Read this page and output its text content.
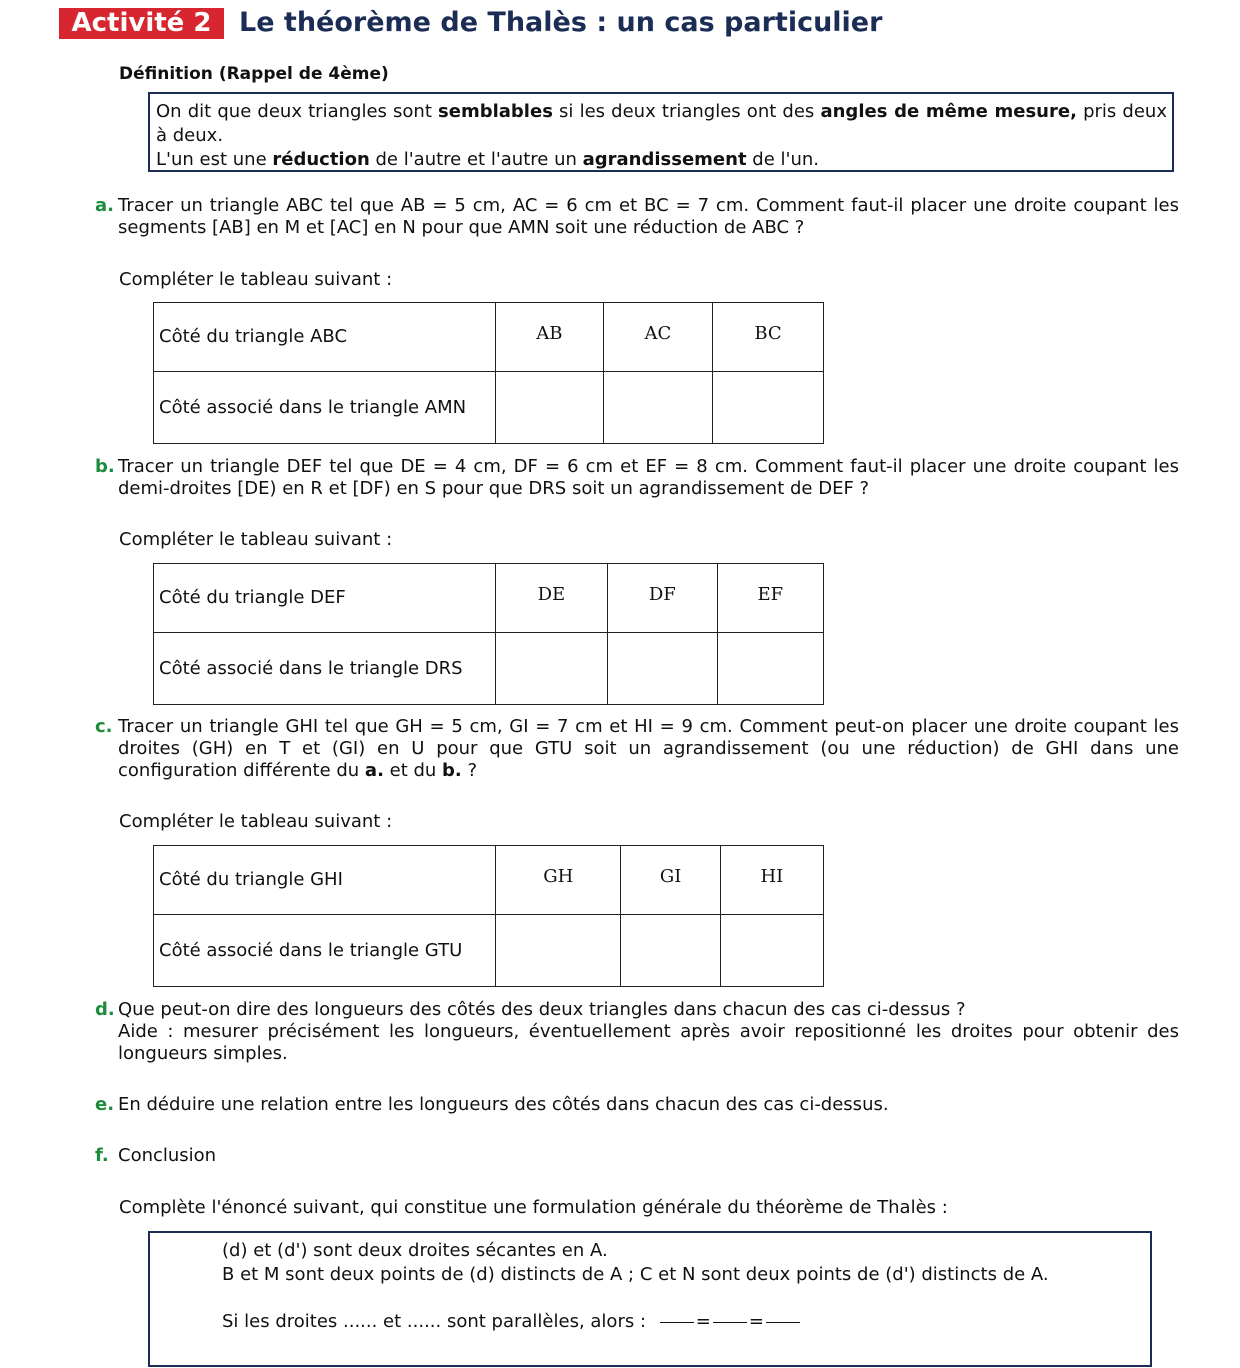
Activité 2	Le théorème de Thalès : un cas particulier
Définition (Rappel de 4ème)
On dit que deux triangles sont semblables si les deux triangles ont des angles de même mesure, pris deux à deux.
L'un est une réduction de l'autre et l'autre un agrandissement de l'un.
a. Tracer un triangle ABC tel que AB = 5 cm, AC = 6 cm et BC = 7 cm. Comment faut-il placer une droite coupant les segments [AB] en M et [AC] en N pour que AMN soit une réduction de ABC ?
Compléter le tableau suivant :
Côté du triangle ABC	AB	AC	BC
Côté associé dans le triangle AMN			
b. Tracer un triangle DEF tel que DE = 4 cm, DF = 6 cm et EF = 8 cm. Comment faut-il placer une droite coupant les demi-droites [DE) en R et [DF) en S pour que DRS soit un agrandissement de DEF ?
Compléter le tableau suivant :
Côté du triangle DEF	DE	DF	EF
Côté associé dans le triangle DRS			
c. Tracer un triangle GHI tel que GH = 5 cm, GI = 7 cm et HI = 9 cm. Comment peut-on placer une droite coupant les droites (GH) en T et (GI) en U pour que GTU soit un agrandissement (ou une réduction) de GHI dans une configuration différente du a. et du b. ?
Compléter le tableau suivant :
Côté du triangle GHI	GH	GI	HI
Côté associé dans le triangle GTU			
d. Que peut-on dire des longueurs des côtés des deux triangles dans chacun des cas ci-dessus ?
Aide : mesurer précisément les longueurs, éventuellement après avoir repositionné les droites pour obtenir des longueurs simples.
e. En déduire une relation entre les longueurs des côtés dans chacun des cas ci-dessus.
f. Conclusion
Complète l'énoncé suivant, qui constitue une formulation générale du théorème de Thalès :
(d) et (d') sont deux droites sécantes en A.
B et M sont deux points de (d) distincts de A ; C et N sont deux points de (d') distincts de A.
Si les droites ...... et ...... sont parallèles, alors :	= =
